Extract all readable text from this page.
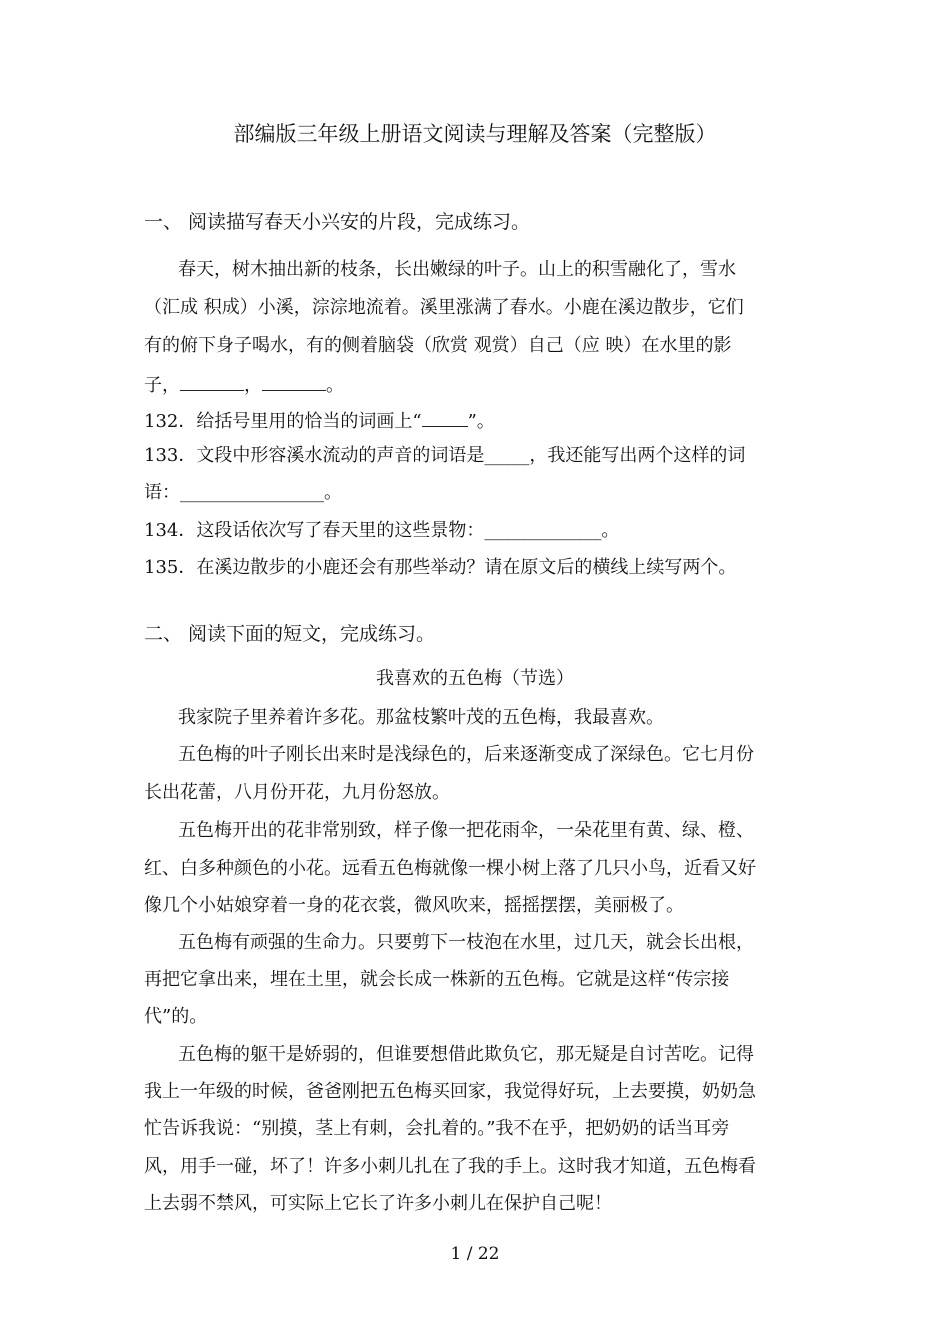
部编版三年级上册语文阅读与理解及答案（完整版）
一、 阅读描写春天小兴安的片段，完成练习。
春天，树木抽出新的枝条，长出嫩绿的叶子。山上的积雪融化了，雪水
（汇成 积成）小溪，淙淙地流着。溪里涨满了春水。小鹿在溪边散步，它们
有的俯下身子喝水，有的侧着脑袋（欣赏 观赏）自己（应 映）在水里的影
子，	，	。
132．给括号里用的恰当的词画上“	”。
133．文段中形容溪水流动的声音的词语是_____，我还能写出两个这样的词
语：________________。
134．这段话依次写了春天里的这些景物：_____________。
135．在溪边散步的小鹿还会有那些举动？请在原文后的横线上续写两个。
二、 阅读下面的短文，完成练习。
我喜欢的五色梅（节选）
我家院子里养着许多花。那盆枝繁叶茂的五色梅，我最喜欢。
五色梅的叶子刚长出来时是浅绿色的，后来逐渐变成了深绿色。它七月份
长出花蕾，八月份开花，九月份怒放。
五色梅开出的花非常别致，样子像一把花雨伞，一朵花里有黄、绿、橙、
红、白多种颜色的小花。远看五色梅就像一棵小树上落了几只小鸟，近看又好
像几个小姑娘穿着一身的花衣裳，微风吹来，摇摇摆摆，美丽极了。
五色梅有顽强的生命力。只要剪下一枝泡在水里，过几天，就会长出根，
再把它拿出来，埋在土里，就会长成一株新的五色梅。它就是这样“传宗接
代”的。
五色梅的躯干是娇弱的，但谁要想借此欺负它，那无疑是自讨苦吃。记得
我上一年级的时候，爸爸刚把五色梅买回家，我觉得好玩，上去要摸，奶奶急
忙告诉我说：“别摸，茎上有刺，会扎着的。”我不在乎，把奶奶的话当耳旁
风，用手一碰，坏了！许多小刺儿扎在了我的手上。这时我才知道，五色梅看
上去弱不禁风，可实际上它长了许多小刺儿在保护自己呢！
1 / 22
